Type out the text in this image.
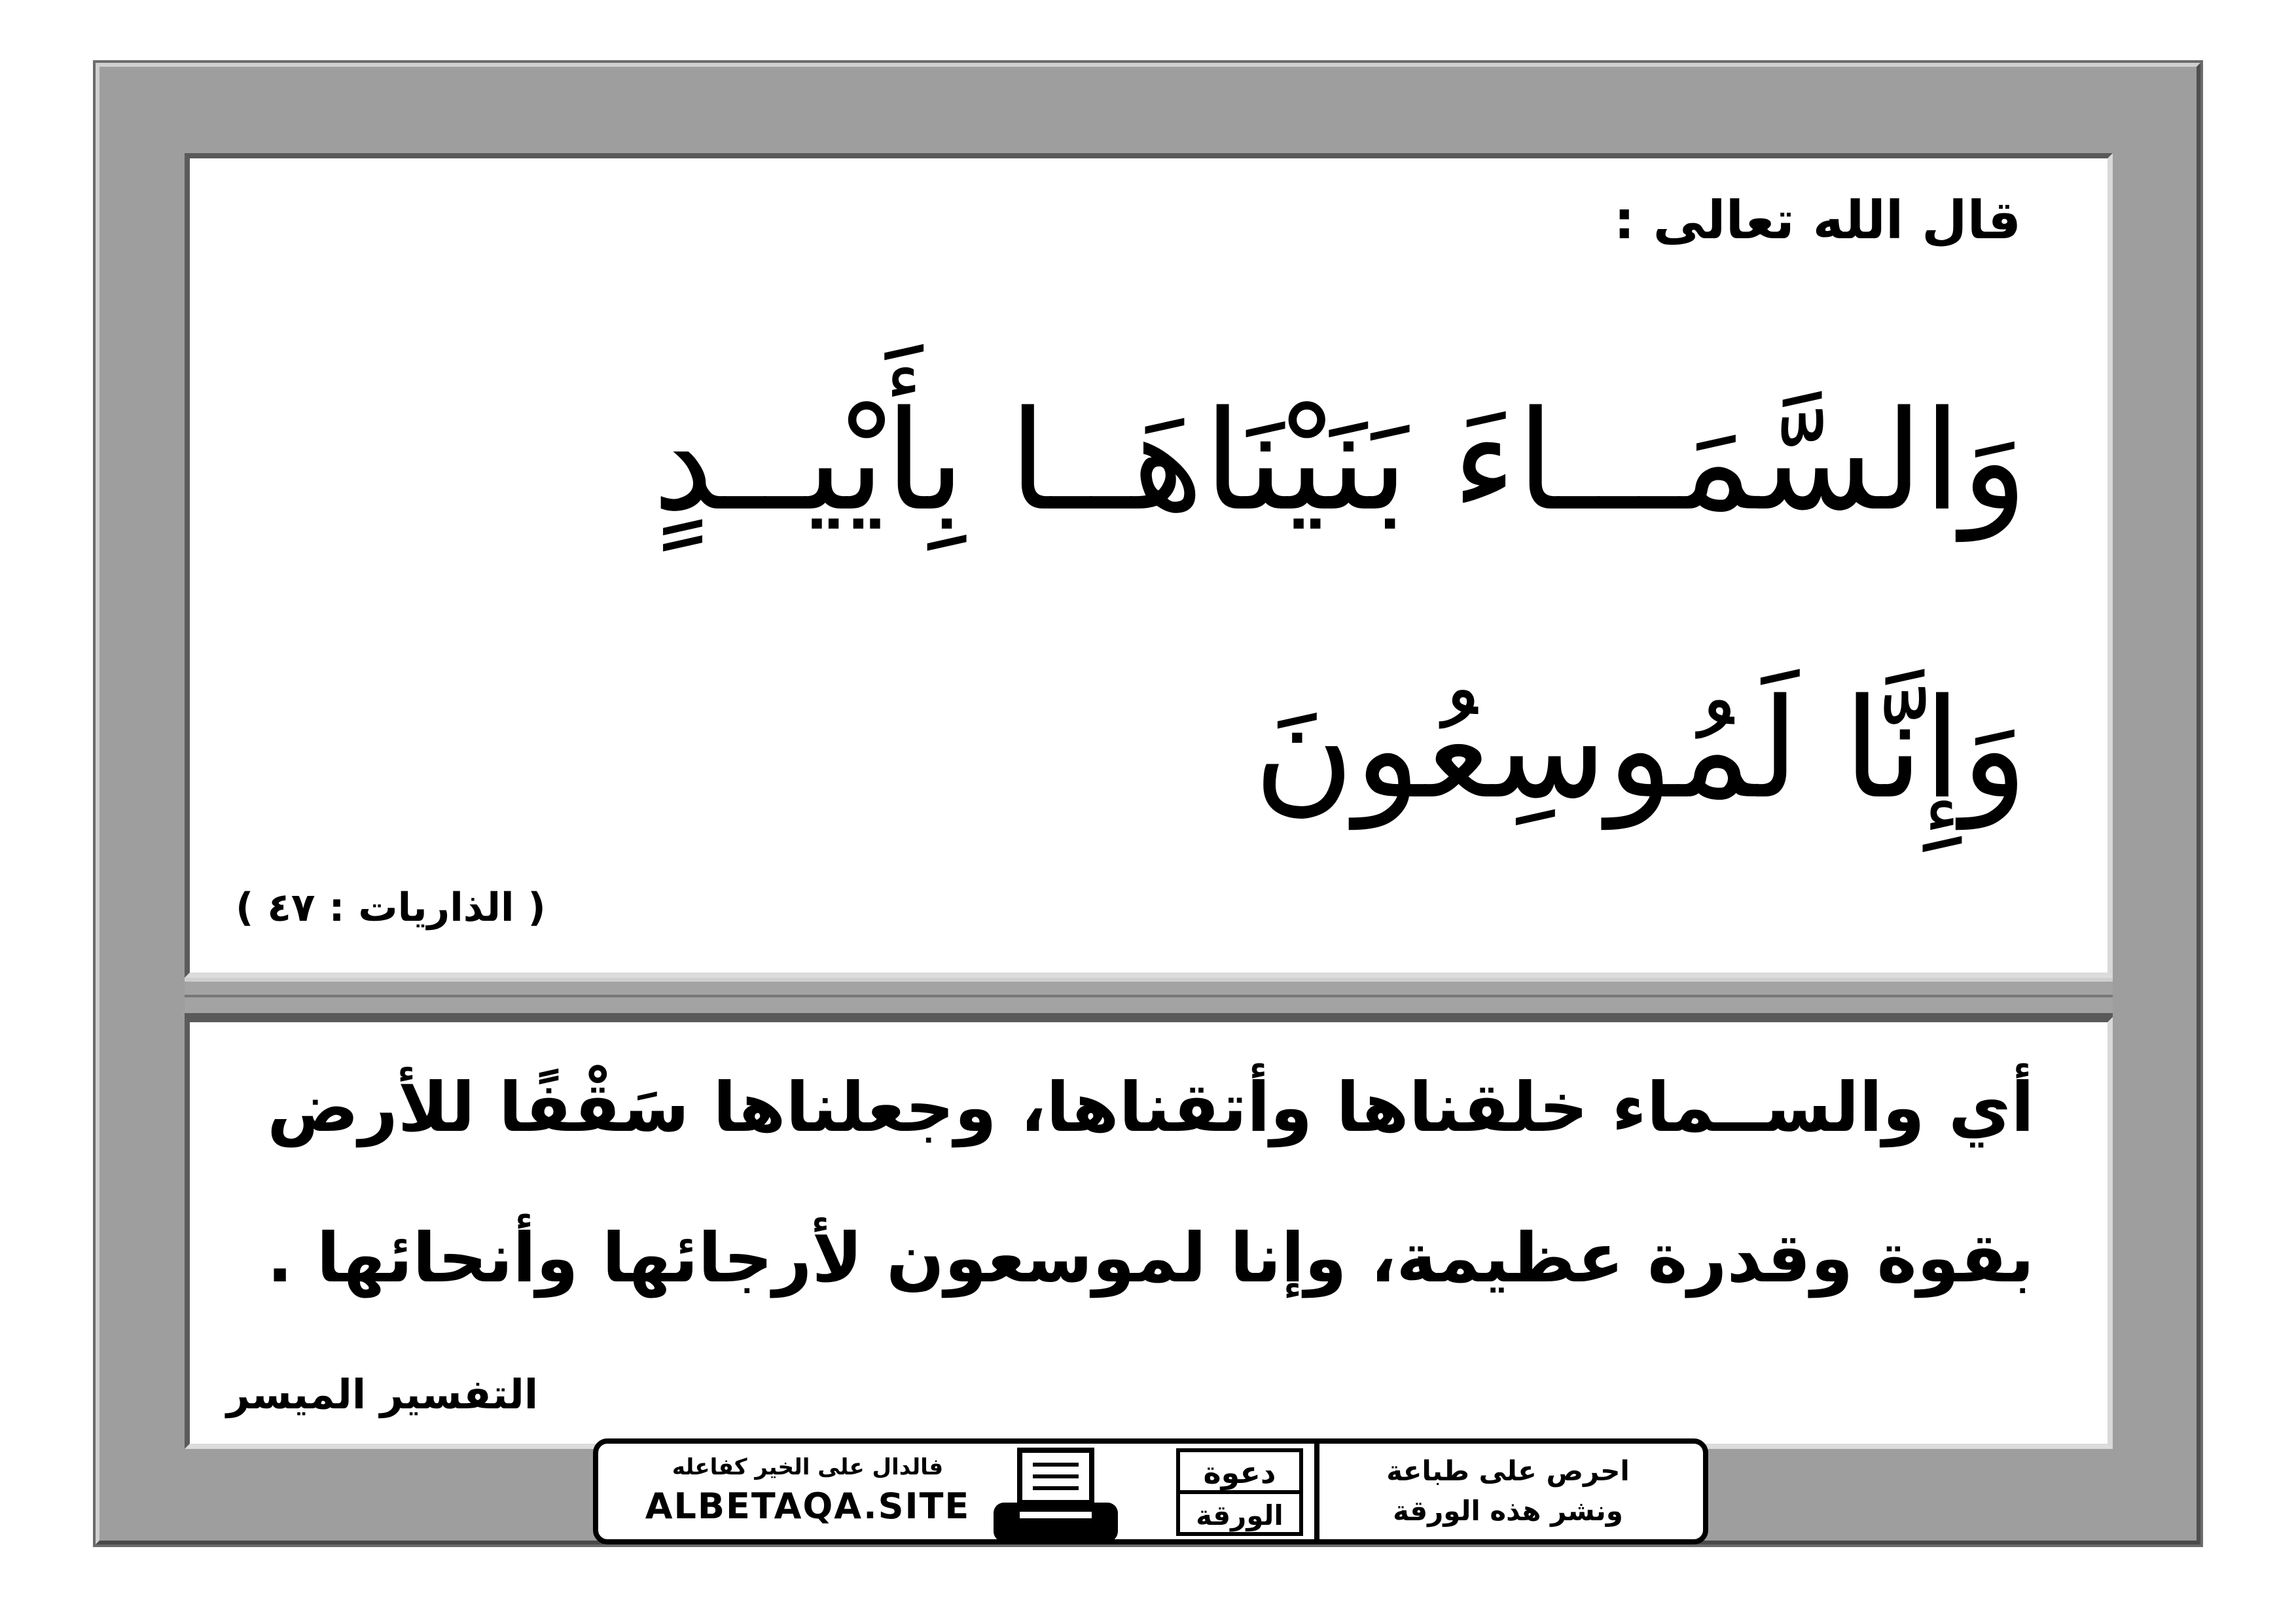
قال الله تعالى :
وَالسَّمَـــاءَ بَنَيْنَاهَــا بِأَيْيــدٍ
وَإِنَّا لَمُوسِعُونَ
( الذاريات : ٤٧ )
أي والســماء خلقناها وأتقناها، وجعلناها سَقْفًا للأرض
بقوة وقدرة عظيمة، وإنا لموسعون لأرجائها وأنحائها .
التفسير الميسر
فالدال على الخير كفاعله
ALBETAQA.SITE
دعوة
الورقة
احرص على طباعة
ونشر هذه الورقة
